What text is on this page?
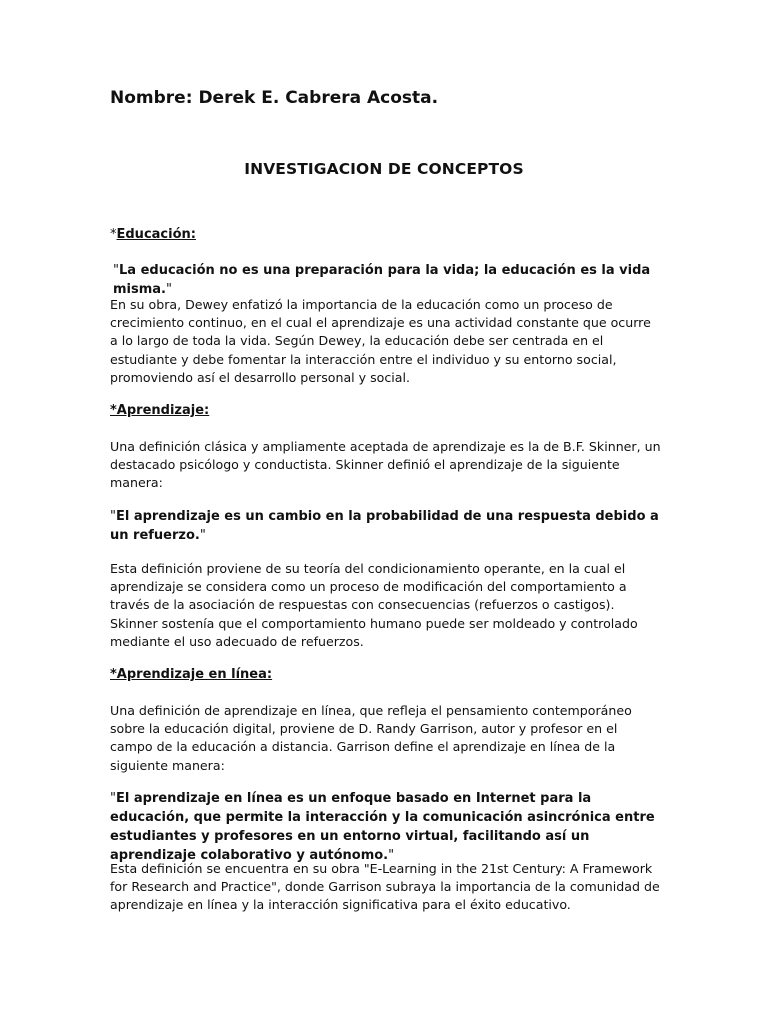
Nombre: Derek E. Cabrera Acosta.
INVESTIGACION DE CONCEPTOS
*Educación:
"La educación no es una preparación para la vida; la educación es la vida misma."
En su obra, Dewey enfatizó la importancia de la educación como un proceso de crecimiento continuo, en el cual el aprendizaje es una actividad constante que ocurre a lo largo de toda la vida. Según Dewey, la educación debe ser centrada en el estudiante y debe fomentar la interacción entre el individuo y su entorno social, promoviendo así el desarrollo personal y social.
*Aprendizaje:
Una definición clásica y ampliamente aceptada de aprendizaje es la de B.F. Skinner, un destacado psicólogo y conductista. Skinner definió el aprendizaje de la siguiente manera:
"El aprendizaje es un cambio en la probabilidad de una respuesta debido a un refuerzo."
Esta definición proviene de su teoría del condicionamiento operante, en la cual el aprendizaje se considera como un proceso de modificación del comportamiento a través de la asociación de respuestas con consecuencias (refuerzos o castigos). Skinner sostenía que el comportamiento humano puede ser moldeado y controlado mediante el uso adecuado de refuerzos.
*Aprendizaje en línea:
Una definición de aprendizaje en línea, que refleja el pensamiento contemporáneo sobre la educación digital, proviene de D. Randy Garrison, autor y profesor en el campo de la educación a distancia. Garrison define el aprendizaje en línea de la siguiente manera:
"El aprendizaje en línea es un enfoque basado en Internet para la educación, que permite la interacción y la comunicación asincrónica entre estudiantes y profesores en un entorno virtual, facilitando así un aprendizaje colaborativo y autónomo."
Esta definición se encuentra en su obra "E-Learning in the 21st Century: A Framework for Research and Practice", donde Garrison subraya la importancia de la comunidad de aprendizaje en línea y la interacción significativa para el éxito educativo.
